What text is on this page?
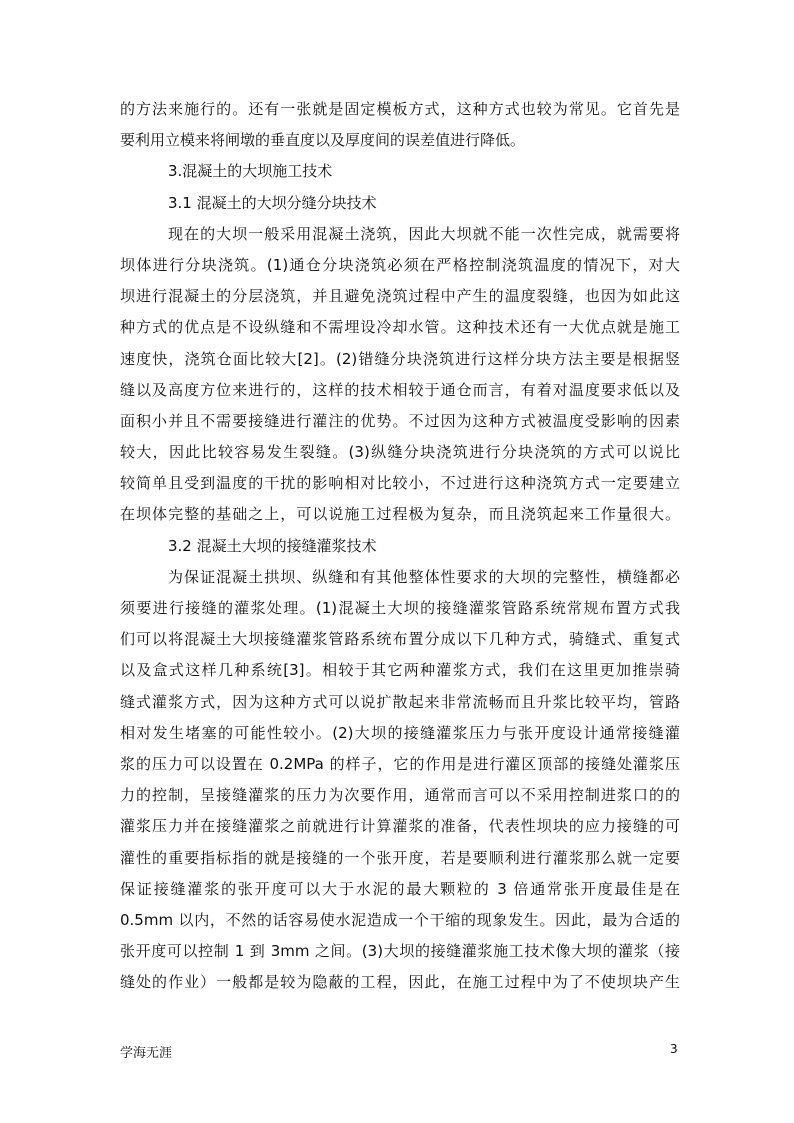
的方法来施行的。还有一张就是固定模板方式，这种方式也较为常见。它首先是
要利用立模来将闸墩的垂直度以及厚度间的误差值进行降低。
3.混凝土的大坝施工技术
3.1 混凝土的大坝分缝分块技术
现在的大坝一般采用混凝土浇筑，因此大坝就不能一次性完成，就需要将
坝体进行分块浇筑。(1)通仓分块浇筑必须在严格控制浇筑温度的情况下，对大
坝进行混凝土的分层浇筑，并且避免浇筑过程中产生的温度裂缝，也因为如此这
种方式的优点是不设纵缝和不需埋设冷却水管。这种技术还有一大优点就是施工
速度快，浇筑仓面比较大[2]。(2)错缝分块浇筑进行这样分块方法主要是根据竖
缝以及高度方位来进行的，这样的技术相较于通仓而言，有着对温度要求低以及
面积小并且不需要接缝进行灌注的优势。不过因为这种方式被温度受影响的因素
较大，因此比较容易发生裂缝。(3)纵缝分块浇筑进行分块浇筑的方式可以说比
较简单且受到温度的干扰的影响相对比较小，不过进行这种浇筑方式一定要建立
在坝体完整的基础之上，可以说施工过程极为复杂，而且浇筑起来工作量很大。
3.2 混凝土大坝的接缝灌浆技术
为保证混凝土拱坝、纵缝和有其他整体性要求的大坝的完整性，横缝都必
须要进行接缝的灌浆处理。(1)混凝土大坝的接缝灌浆管路系统常规布置方式我
们可以将混凝土大坝接缝灌浆管路系统布置分成以下几种方式，骑缝式、重复式
以及盒式这样几种系统[3]。相较于其它两种灌浆方式，我们在这里更加推崇骑
缝式灌浆方式，因为这种方式可以说扩散起来非常流畅而且升浆比较平均，管路
相对发生堵塞的可能性较小。(2)大坝的接缝灌浆压力与张开度设计通常接缝灌
浆的压力可以设置在 0.2MPa 的样子，它的作用是进行灌区顶部的接缝处灌浆压
力的控制，呈接缝灌浆的压力为次要作用，通常而言可以不采用控制进浆口的的
灌浆压力并在接缝灌浆之前就进行计算灌浆的准备，代表性坝块的应力接缝的可
灌性的重要指标指的就是接缝的一个张开度，若是要顺利进行灌浆那么就一定要
保证接缝灌浆的张开度可以大于水泥的最大颗粒的 3 倍通常张开度最佳是在
0.5mm 以内，不然的话容易使水泥造成一个干缩的现象发生。因此，最为合适的
张开度可以控制 1 到 3mm 之间。(3)大坝的接缝灌浆施工技术像大坝的灌浆（接
缝处的作业）一般都是较为隐蔽的工程，因此，在施工过程中为了不使坝块产生
学海无涯	3
